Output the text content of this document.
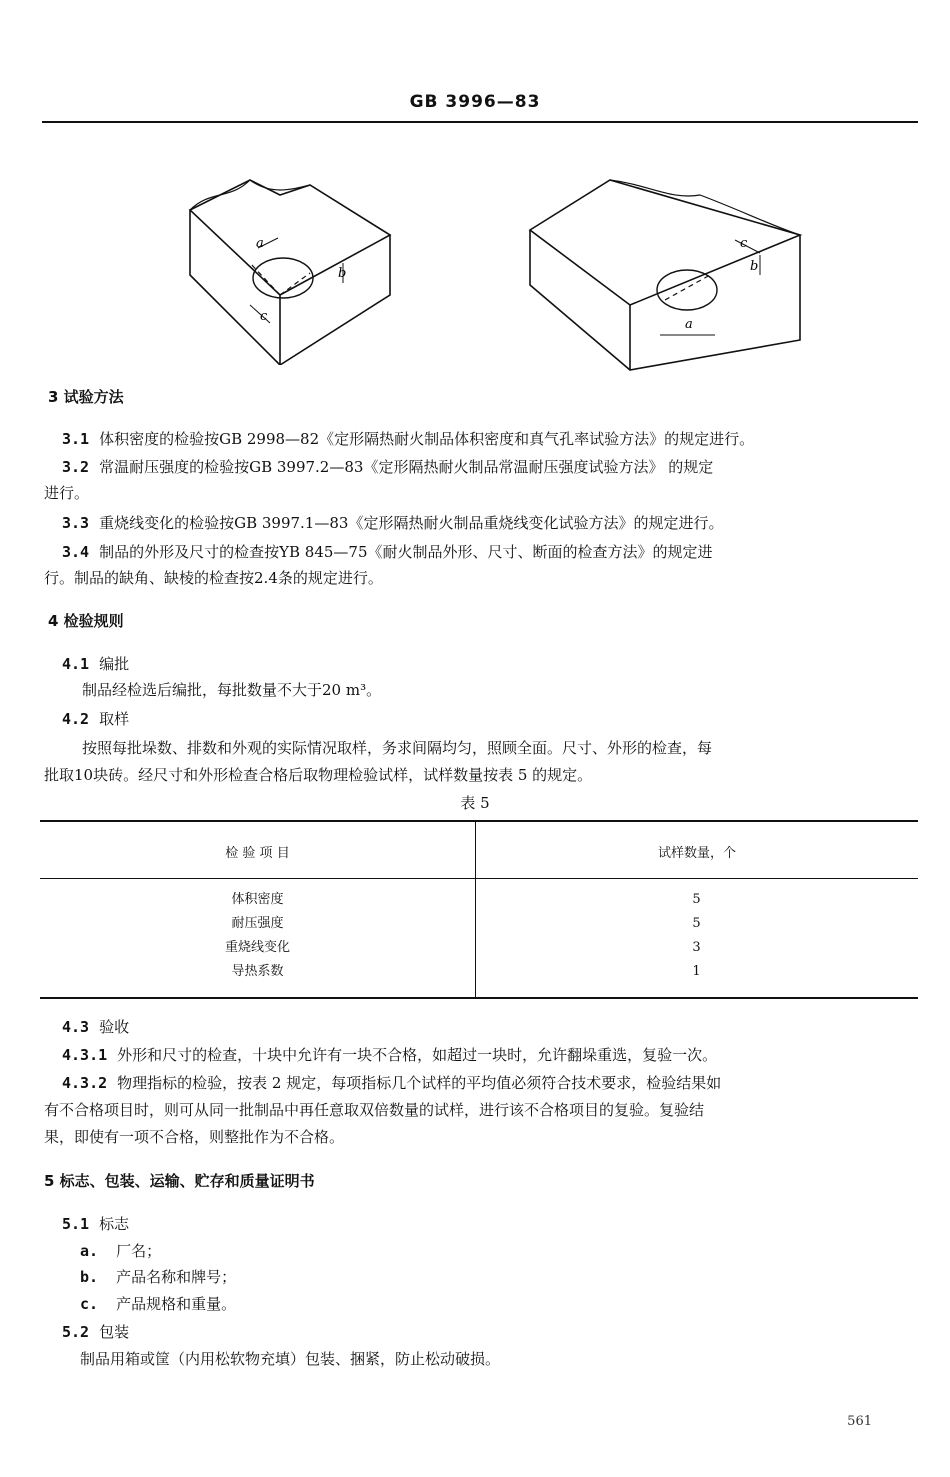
GB 3996—83
a
b
c
a
b
c
3 试验方法
3.1 体积密度的检验按GB 2998—82《定形隔热耐火制品体积密度和真气孔率试验方法》的规定进行。
3.2 常温耐压强度的检验按GB 3997.2—83《定形隔热耐火制品常温耐压强度试验方法》 的规定
进行。
3.3 重烧线变化的检验按GB 3997.1—83《定形隔热耐火制品重烧线变化试验方法》的规定进行。
3.4 制品的外形及尺寸的检查按YB 845—75《耐火制品外形、尺寸、断面的检查方法》的规定进
行。制品的缺角、缺棱的检查按2.4条的规定进行。
4 检验规则
4.1 编批
制品经检选后编批，每批数量不大于20 m³。
4.2 取样
按照每批垛数、排数和外观的实际情况取样，务求间隔均匀，照顾全面。尺寸、外形的检查，每
批取10块砖。经尺寸和外形检查合格后取物理检验试样，试样数量按表 5 的规定。
表 5
检 验 项 目	试样数量，个
体积密度	5
耐压强度	5
重烧线变化	3
导热系数	1
4.3 验收
4.3.1 外形和尺寸的检查，十块中允许有一块不合格，如超过一块时，允许翻垛重选，复验一次。
4.3.2 物理指标的检验，按表 2 规定，每项指标几个试样的平均值必须符合技术要求，检验结果如
有不合格项目时，则可从同一批制品中再任意取双倍数量的试样，进行该不合格项目的复验。复验结
果，即使有一项不合格，则整批作为不合格。
5 标志、包装、运输、贮存和质量证明书
5.1 标志
a. 厂名；
b. 产品名称和牌号；
c. 产品规格和重量。
5.2 包装
制品用箱或筐（内用松软物充填）包装、捆紧，防止松动破损。
561
